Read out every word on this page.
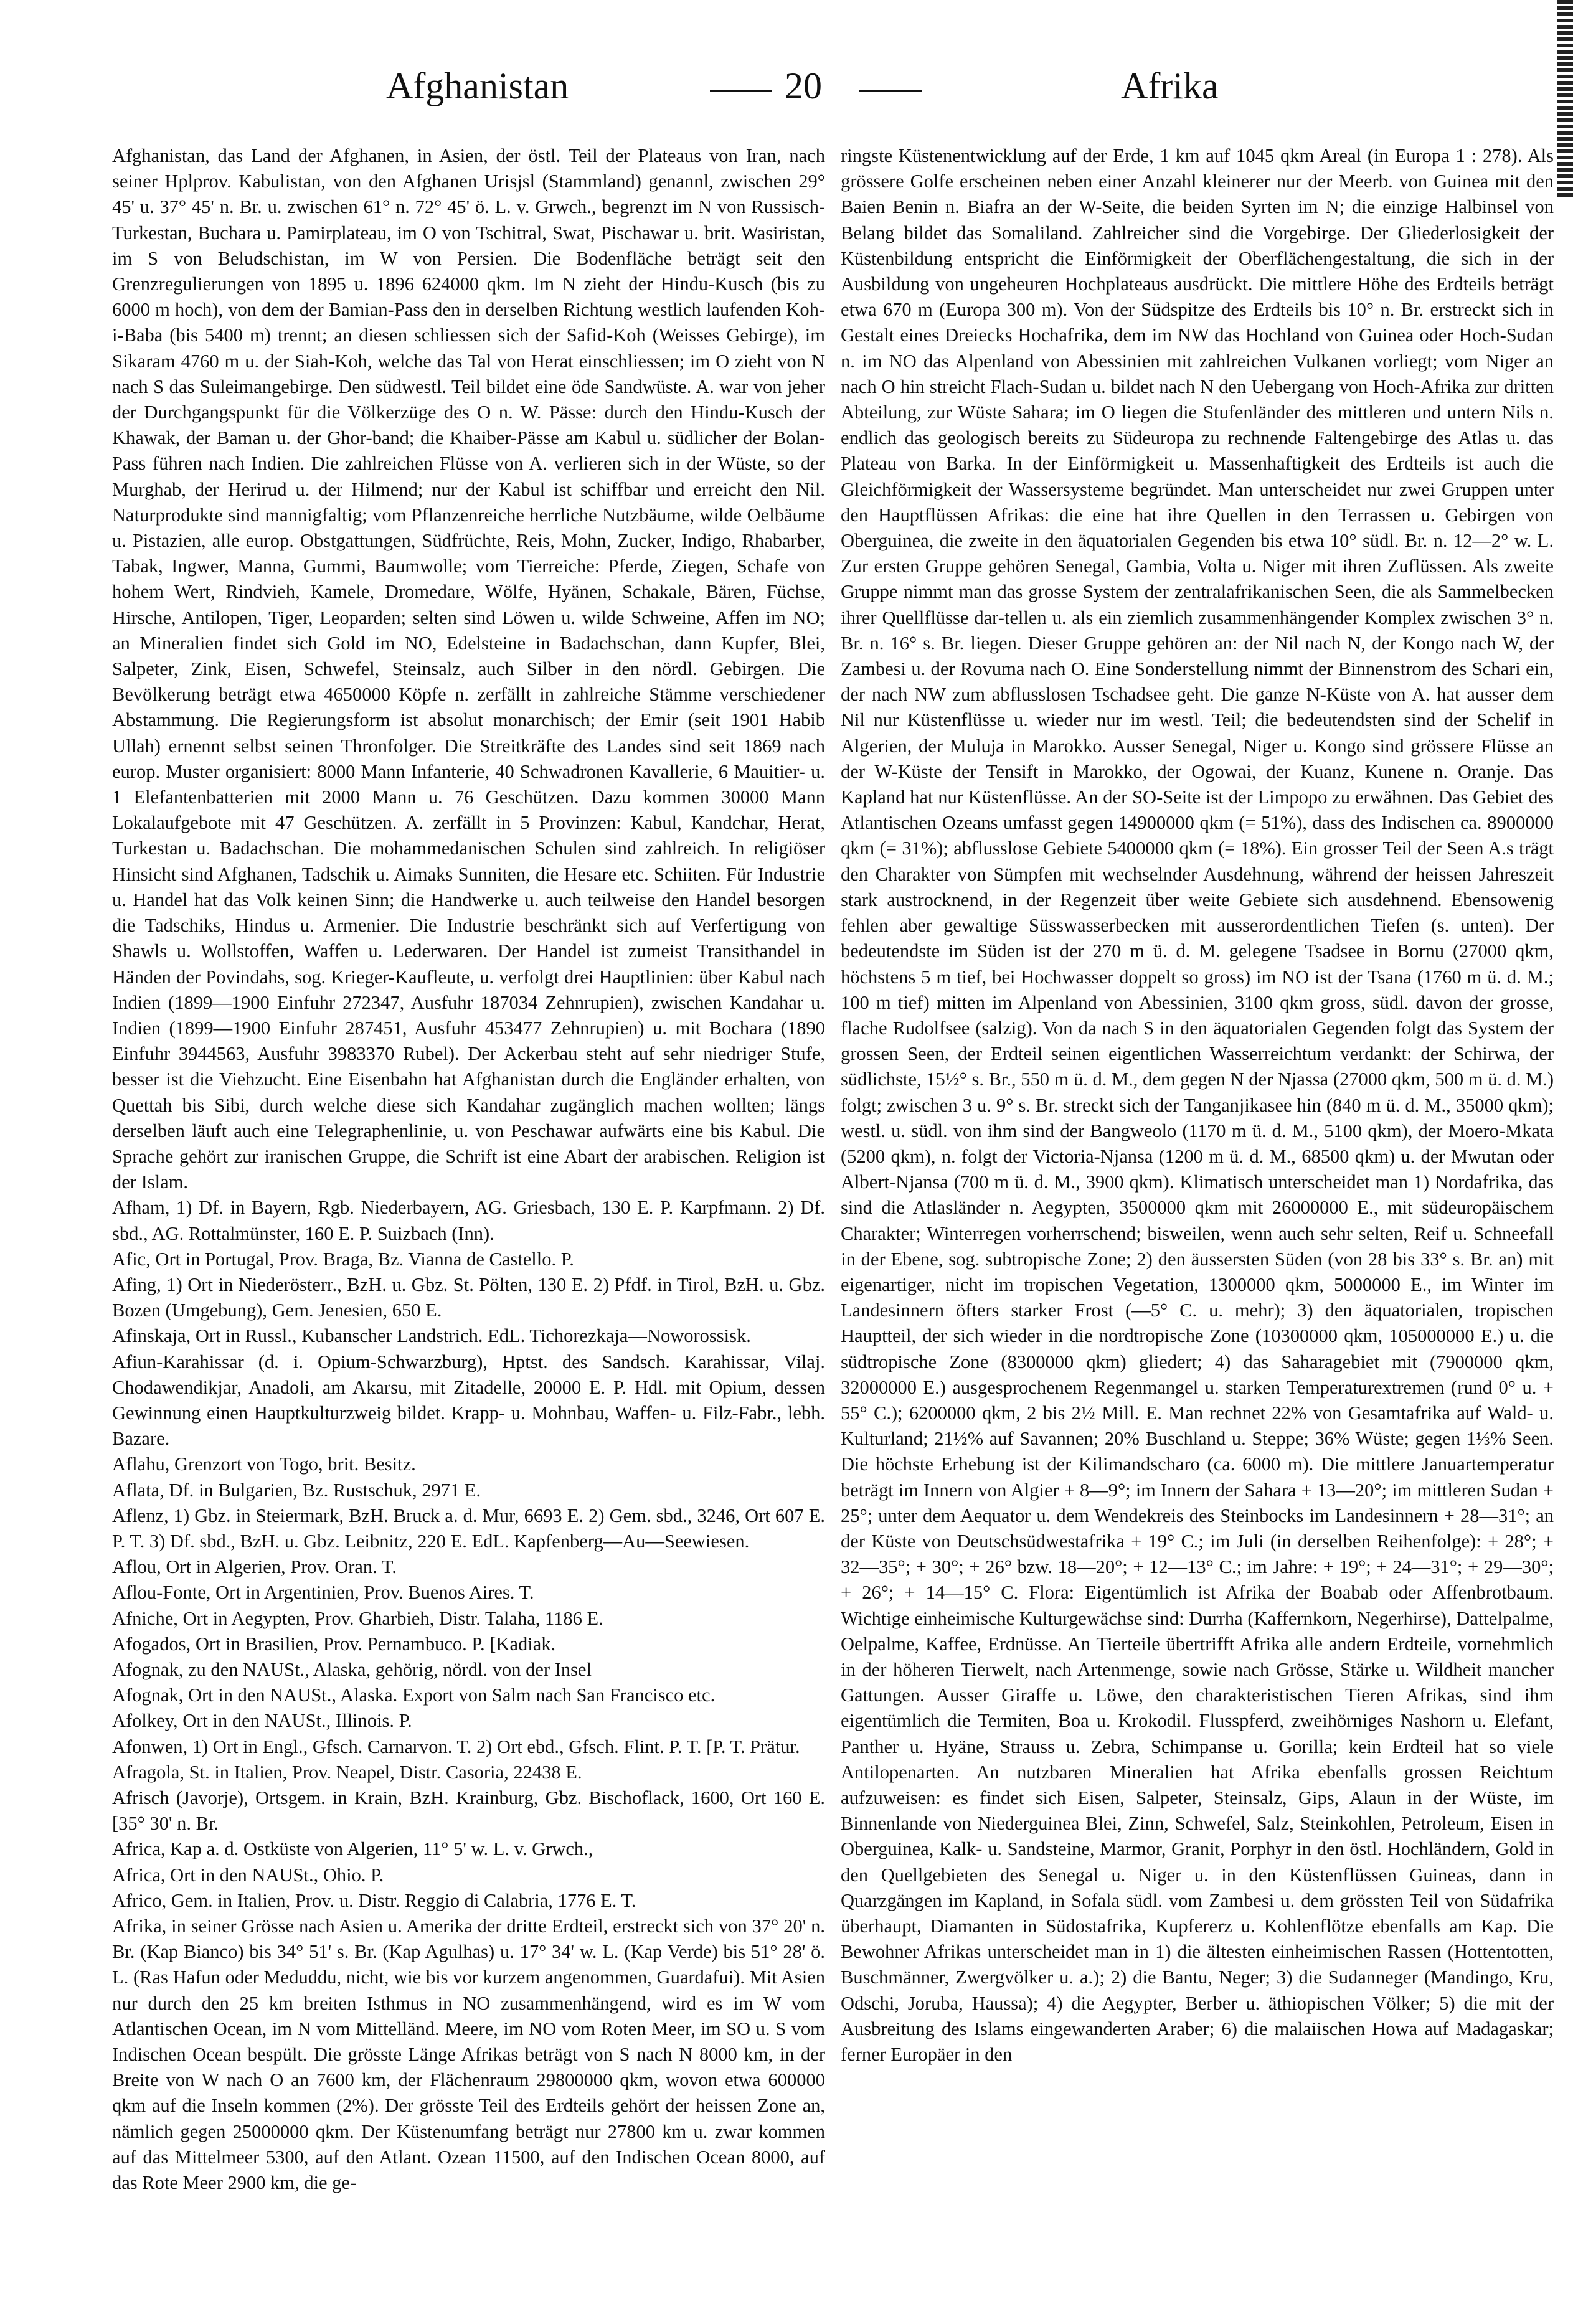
Afghanistan	20	Afrika

Afghanistan, das Land der Afghanen, in Asien, der östl. Teil der Plateaus von Iran, nach seiner Hplprov. Kabulistan, von den Afghanen Urisjsl (Stammland) genannl, zwischen 29° 45' u. 37° 45' n. Br. u. zwischen 61° n. 72° 45' ö. L. v. Grwch., begrenzt im N von Russisch-Turkestan, Buchara u. Pamirplateau, im O von Tschitral, Swat, Pischawar u. brit. Wasiristan, im S von Beludschistan, im W von Persien. Die Bodenfläche beträgt seit den Grenzregulierungen von 1895 u. 1896 624000 qkm. Im N zieht der Hindu-Kusch (bis zu 6000 m hoch), von dem der Bamian-Pass den in derselben Richtung westlich laufenden Koh-i-Baba (bis 5400 m) trennt; an diesen schliessen sich der Safid-Koh (Weisses Gebirge), im Sikaram 4760 m u. der Siah-Koh, welche das Tal von Herat einschliessen; im O zieht von N nach S das Suleimangebirge. Den südwestl. Teil bildet eine öde Sandwüste. A. war von jeher der Durchgangspunkt für die Völkerzüge des O n. W. Pässe: durch den Hindu-Kusch der Khawak, der Baman u. der Ghor-band; die Khaiber-Pässe am Kabul u. südlicher der Bolan-Pass führen nach Indien. Die zahlreichen Flüsse von A. verlieren sich in der Wüste, so der Murghab, der Herirud u. der Hilmend; nur der Kabul ist schiffbar und erreicht den Nil. Naturprodukte sind mannigfaltig; vom Pflanzenreiche herrliche Nutzbäume, wilde Oelbäume u. Pistazien, alle europ. Obstgattungen, Südfrüchte, Reis, Mohn, Zucker, Indigo, Rhabarber, Tabak, Ingwer, Manna, Gummi, Baumwolle; vom Tierreiche: Pferde, Ziegen, Schafe von hohem Wert, Rindvieh, Kamele, Dromedare, Wölfe, Hyänen, Schakale, Bären, Füchse, Hirsche, Antilopen, Tiger, Leoparden; selten sind Löwen u. wilde Schweine, Affen im NO; an Mineralien findet sich Gold im NO, Edelsteine in Badachschan, dann Kupfer, Blei, Salpeter, Zink, Eisen, Schwefel, Steinsalz, auch Silber in den nördl. Gebirgen. Die Bevölkerung beträgt etwa 4650000 Köpfe n. zerfällt in zahlreiche Stämme verschiedener Abstammung. Die Regierungsform ist absolut monarchisch; der Emir (seit 1901 Habib Ullah) ernennt selbst seinen Thronfolger. Die Streitkräfte des Landes sind seit 1869 nach europ. Muster organisiert: 8000 Mann Infanterie, 40 Schwadronen Kavallerie, 6 Mauitier- u. 1 Elefantenbatterien mit 2000 Mann u. 76 Geschützen. Dazu kommen 30000 Mann Lokalaufgebote mit 47 Geschützen. A. zerfällt in 5 Provinzen: Kabul, Kandchar, Herat, Turkestan u. Badachschan. Die mohammedanischen Schulen sind zahlreich. In religiöser Hinsicht sind Afghanen, Tadschik u. Aimaks Sunniten, die Hesare etc. Schiiten. Für Industrie u. Handel hat das Volk keinen Sinn; die Handwerke u. auch teilweise den Handel besorgen die Tadschiks, Hindus u. Armenier. Die Industrie beschränkt sich auf Verfertigung von Shawls u. Wollstoffen, Waffen u. Lederwaren. Der Handel ist zumeist Transithandel in Händen der Povindahs, sog. Krieger-Kaufleute, u. verfolgt drei Hauptlinien: über Kabul nach Indien (1899—1900 Einfuhr 272347, Ausfuhr 187034 Zehnrupien), zwischen Kandahar u. Indien (1899—1900 Einfuhr 287451, Ausfuhr 453477 Zehnrupien) u. mit Bochara (1890 Einfuhr 3944563, Ausfuhr 3983370 Rubel). Der Ackerbau steht auf sehr niedriger Stufe, besser ist die Viehzucht. Eine Eisenbahn hat Afghanistan durch die Engländer erhalten, von Quettah bis Sibi, durch welche diese sich Kandahar zugänglich machen wollten; längs derselben läuft auch eine Telegraphenlinie, u. von Peschawar aufwärts eine bis Kabul. Die Sprache gehört zur iranischen Gruppe, die Schrift ist eine Abart der arabischen. Religion ist der Islam.

Afham, 1) Df. in Bayern, Rgb. Niederbayern, AG. Griesbach, 130 E. P. Karpfmann. 2) Df. sbd., AG. Rottalmünster, 160 E. P. Suizbach (Inn).

Afic, Ort in Portugal, Prov. Braga, Bz. Vianna de Castello. P.

Afing, 1) Ort in Niederösterr., BzH. u. Gbz. St. Pölten, 130 E. 2) Pfdf. in Tirol, BzH. u. Gbz. Bozen (Umgebung), Gem. Jenesien, 650 E.

Afinskaja, Ort in Russl., Kubanscher Landstrich. EdL. Tichorezkaja—Noworossisk.

Afiun-Karahissar (d. i. Opium-Schwarzburg), Hptst. des Sandsch. Karahissar, Vilaj. Chodawendikjar, Anadoli, am Akarsu, mit Zitadelle, 20000 E. P. Hdl. mit Opium, dessen Gewinnung einen Hauptkulturzweig bildet. Krapp- u. Mohnbau, Waffen- u. Filz-Fabr., lebh. Bazare.

Aflahu, Grenzort von Togo, brit. Besitz.

Aflata, Df. in Bulgarien, Bz. Rustschuk, 2971 E.

Aflenz, 1) Gbz. in Steiermark, BzH. Bruck a. d. Mur, 6693 E. 2) Gem. sbd., 3246, Ort 607 E. P. T. 3) Df. sbd., BzH. u. Gbz. Leibnitz, 220 E. EdL. Kapfenberg—Au—Seewiesen.

Aflou, Ort in Algerien, Prov. Oran. T.

Aflou-Fonte, Ort in Argentinien, Prov. Buenos Aires. T.

Afniche, Ort in Aegypten, Prov. Gharbieh, Distr. Talaha, 1186 E.

Afogados, Ort in Brasilien, Prov. Pernambuco. P. [Kadiak.

Afognak, zu den NAUSt., Alaska, gehörig, nördl. von der Insel

Afognak, Ort in den NAUSt., Alaska. Export von Salm nach San Francisco etc.

Afolkey, Ort in den NAUSt., Illinois. P.

Afonwen, 1) Ort in Engl., Gfsch. Carnarvon. T. 2) Ort ebd., Gfsch. Flint. P. T. [P. T. Prätur.

Afragola, St. in Italien, Prov. Neapel, Distr. Casoria, 22438 E.

Afrisch (Javorje), Ortsgem. in Krain, BzH. Krainburg, Gbz. Bischoflack, 1600, Ort 160 E. [35° 30' n. Br.

Africa, Kap a. d. Ostküste von Algerien, 11° 5' w. L. v. Grwch.,

Africa, Ort in den NAUSt., Ohio. P.

Africo, Gem. in Italien, Prov. u. Distr. Reggio di Calabria, 1776 E. T.

Afrika, in seiner Grösse nach Asien u. Amerika der dritte Erdteil, erstreckt sich von 37° 20' n. Br. (Kap Bianco) bis 34° 51' s. Br. (Kap Agulhas) u. 17° 34' w. L. (Kap Verde) bis 51° 28' ö. L. (Ras Hafun oder Meduddu, nicht, wie bis vor kurzem angenommen, Guardafui). Mit Asien nur durch den 25 km breiten Isthmus in NO zusammenhängend, wird es im W vom Atlantischen Ocean, im N vom Mittelländ. Meere, im NO vom Roten Meer, im SO u. S vom Indischen Ocean bespült. Die grösste Länge Afrikas beträgt von S nach N 8000 km, in der Breite von W nach O an 7600 km, der Flächenraum 29800000 qkm, wovon etwa 600000 qkm auf die Inseln kommen (2%). Der grösste Teil des Erdteils gehört der heissen Zone an, nämlich gegen 25000000 qkm. Der Küstenumfang beträgt nur 27800 km u. zwar kommen auf das Mittelmeer 5300, auf den Atlant. Ozean 11500, auf den Indischen Ocean 8000, auf das Rote Meer 2900 km, die ge-

ringste Küstenentwicklung auf der Erde, 1 km auf 1045 qkm Areal (in Europa 1 : 278). Als grössere Golfe erscheinen neben einer Anzahl kleinerer nur der Meerb. von Guinea mit den Baien Benin n. Biafra an der W-Seite, die beiden Syrten im N; die einzige Halbinsel von Belang bildet das Somaliland. Zahlreicher sind die Vorgebirge. Der Gliederlosigkeit der Küstenbildung entspricht die Einförmigkeit der Oberflächengestaltung, die sich in der Ausbildung von ungeheuren Hochplateaus ausdrückt. Die mittlere Höhe des Erdteils beträgt etwa 670 m (Europa 300 m). Von der Südspitze des Erdteils bis 10° n. Br. erstreckt sich in Gestalt eines Dreiecks Hochafrika, dem im NW das Hochland von Guinea oder Hoch-Sudan n. im NO das Alpenland von Abessinien mit zahlreichen Vulkanen vorliegt; vom Niger an nach O hin streicht Flach-Sudan u. bildet nach N den Uebergang von Hoch-Afrika zur dritten Abteilung, zur Wüste Sahara; im O liegen die Stufenländer des mittleren und untern Nils n. endlich das geologisch bereits zu Südeuropa zu rechnende Faltengebirge des Atlas u. das Plateau von Barka. In der Einförmigkeit u. Massenhaftigkeit des Erdteils ist auch die Gleichförmigkeit der Wassersysteme begründet. Man unterscheidet nur zwei Gruppen unter den Hauptflüssen Afrikas: die eine hat ihre Quellen in den Terrassen u. Gebirgen von Oberguinea, die zweite in den äquatorialen Gegenden bis etwa 10° südl. Br. n. 12—2° w. L. Zur ersten Gruppe gehören Senegal, Gambia, Volta u. Niger mit ihren Zuflüssen. Als zweite Gruppe nimmt man das grosse System der zentralafrikanischen Seen, die als Sammelbecken ihrer Quellflüsse dar-tellen u. als ein ziemlich zusammenhängender Komplex zwischen 3° n. Br. n. 16° s. Br. liegen. Dieser Gruppe gehören an: der Nil nach N, der Kongo nach W, der Zambesi u. der Rovuma nach O. Eine Sonderstellung nimmt der Binnenstrom des Schari ein, der nach NW zum abflusslosen Tschadsee geht. Die ganze N-Küste von A. hat ausser dem Nil nur Küstenflüsse u. wieder nur im westl. Teil; die bedeutendsten sind der Schelif in Algerien, der Muluja in Marokko. Ausser Senegal, Niger u. Kongo sind grössere Flüsse an der W-Küste der Tensift in Marokko, der Ogowai, der Kuanz, Kunene n. Oranje. Das Kapland hat nur Küstenflüsse. An der SO-Seite ist der Limpopo zu erwähnen. Das Gebiet des Atlantischen Ozeans umfasst gegen 14900000 qkm (= 51%), dass des Indischen ca. 8900000 qkm (= 31%); abflusslose Gebiete 5400000 qkm (= 18%). Ein grosser Teil der Seen A.s trägt den Charakter von Sümpfen mit wechselnder Ausdehnung, während der heissen Jahreszeit stark austrocknend, in der Regenzeit über weite Gebiete sich ausdehnend. Ebensowenig fehlen aber gewaltige Süsswasserbecken mit ausserordentlichen Tiefen (s. unten). Der bedeutendste im Süden ist der 270 m ü. d. M. gelegene Tsadsee in Bornu (27000 qkm, höchstens 5 m tief, bei Hochwasser doppelt so gross) im NO ist der Tsana (1760 m ü. d. M.; 100 m tief) mitten im Alpenland von Abessinien, 3100 qkm gross, südl. davon der grosse, flache Rudolfsee (salzig). Von da nach S in den äquatorialen Gegenden folgt das System der grossen Seen, der Erdteil seinen eigentlichen Wasserreichtum verdankt: der Schirwa, der südlichste, 15½° s. Br., 550 m ü. d. M., dem gegen N der Njassa (27000 qkm, 500 m ü. d. M.) folgt; zwischen 3 u. 9° s. Br. streckt sich der Tanganjikasee hin (840 m ü. d. M., 35000 qkm); westl. u. südl. von ihm sind der Bangweolo (1170 m ü. d. M., 5100 qkm), der Moero-Mkata (5200 qkm), n. folgt der Victoria-Njansa (1200 m ü. d. M., 68500 qkm) u. der Mwutan oder Albert-Njansa (700 m ü. d. M., 3900 qkm). Klimatisch unterscheidet man 1) Nordafrika, das sind die Atlasländer n. Aegypten, 3500000 qkm mit 26000000 E., mit südeuropäischem Charakter; Winterregen vorherrschend; bisweilen, wenn auch sehr selten, Reif u. Schneefall in der Ebene, sog. subtropische Zone; 2) den äussersten Süden (von 28 bis 33° s. Br. an) mit eigenartiger, nicht im tropischen Vegetation, 1300000 qkm, 5000000 E., im Winter im Landesinnern öfters starker Frost (—5° C. u. mehr); 3) den äquatorialen, tropischen Hauptteil, der sich wieder in die nordtropische Zone (10300000 qkm, 105000000 E.) u. die südtropische Zone (8300000 qkm) gliedert; 4) das Saharagebiet mit (7900000 qkm, 32000000 E.) ausgesprochenem Regenmangel u. starken Temperaturextremen (rund 0° u. + 55° C.); 6200000 qkm, 2 bis 2½ Mill. E. Man rechnet 22% von Gesamtafrika auf Wald- u. Kulturland; 21½% auf Savannen; 20% Buschland u. Steppe; 36% Wüste; gegen 1⅓% Seen. Die höchste Erhebung ist der Kilimandscharo (ca. 6000 m). Die mittlere Januartemperatur beträgt im Innern von Algier + 8—9°; im Innern der Sahara + 13—20°; im mittleren Sudan + 25°; unter dem Aequator u. dem Wendekreis des Steinbocks im Landesinnern + 28—31°; an der Küste von Deutschsüdwestafrika + 19° C.; im Juli (in derselben Reihenfolge): + 28°; + 32—35°; + 30°; + 26° bzw. 18—20°; + 12—13° C.; im Jahre: + 19°; + 24—31°; + 29—30°; + 26°; + 14—15° C. Flora: Eigentümlich ist Afrika der Boabab oder Affenbrotbaum. Wichtige einheimische Kulturgewächse sind: Durrha (Kaffernkorn, Negerhirse), Dattelpalme, Oelpalme, Kaffee, Erdnüsse. An Tierteile übertrifft Afrika alle andern Erdteile, vornehmlich in der höheren Tierwelt, nach Artenmenge, sowie nach Grösse, Stärke u. Wildheit mancher Gattungen. Ausser Giraffe u. Löwe, den charakteristischen Tieren Afrikas, sind ihm eigentümlich die Termiten, Boa u. Krokodil. Flusspferd, zweihörniges Nashorn u. Elefant, Panther u. Hyäne, Strauss u. Zebra, Schimpanse u. Gorilla; kein Erdteil hat so viele Antilopenarten. An nutzbaren Mineralien hat Afrika ebenfalls grossen Reichtum aufzuweisen: es findet sich Eisen, Salpeter, Steinsalz, Gips, Alaun in der Wüste, im Binnenlande von Niederguinea Blei, Zinn, Schwefel, Salz, Steinkohlen, Petroleum, Eisen in Oberguinea, Kalk- u. Sandsteine, Marmor, Granit, Porphyr in den östl. Hochländern, Gold in den Quellgebieten des Senegal u. Niger u. in den Küstenflüssen Guineas, dann in Quarzgängen im Kapland, in Sofala südl. vom Zambesi u. dem grössten Teil von Südafrika überhaupt, Diamanten in Südostafrika, Kupfererz u. Kohlenflötze ebenfalls am Kap. Die Bewohner Afrikas unterscheidet man in 1) die ältesten einheimischen Rassen (Hottentotten, Buschmänner, Zwergvölker u. a.); 2) die Bantu, Neger; 3) die Sudanneger (Mandingo, Kru, Odschi, Joruba, Haussa); 4) die Aegypter, Berber u. äthiopischen Völker; 5) die mit der Ausbreitung des Islams eingewanderten Araber; 6) die malaiischen Howa auf Madagaskar; ferner Europäer in den
